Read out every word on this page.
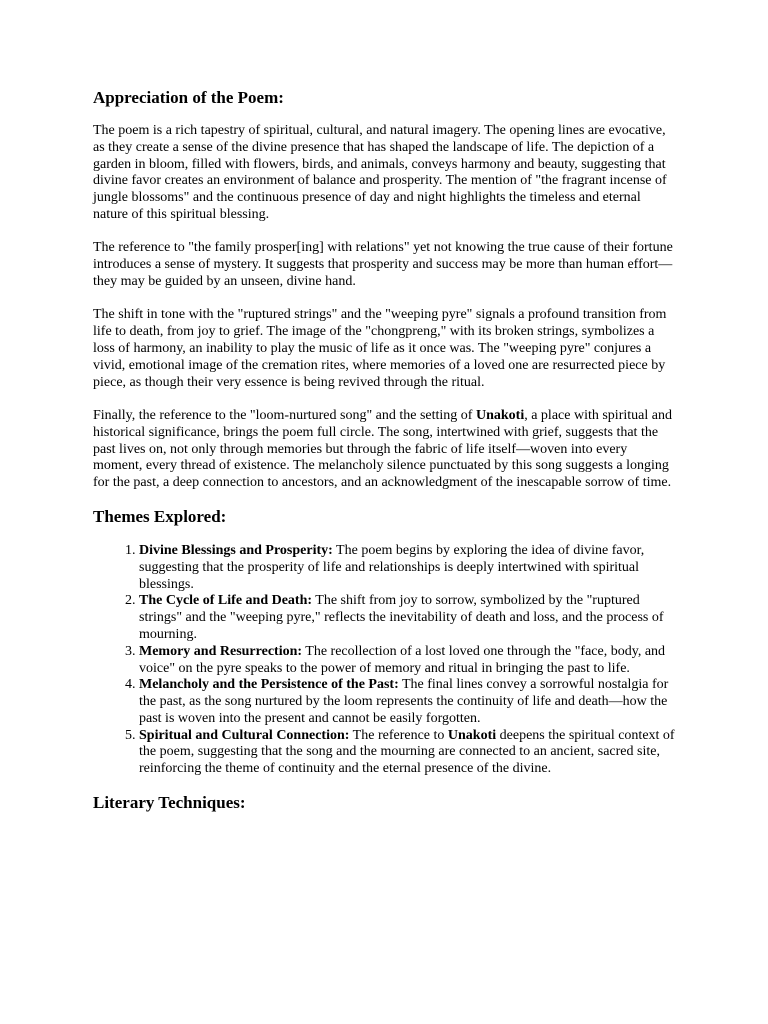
Appreciation of the Poem:

The poem is a rich tapestry of spiritual, cultural, and natural imagery. The opening lines are evocative, as they create a sense of the divine presence that has shaped the landscape of life. The depiction of a garden in bloom, filled with flowers, birds, and animals, conveys harmony and beauty, suggesting that divine favor creates an environment of balance and prosperity. The mention of "the fragrant incense of jungle blossoms" and the continuous presence of day and night highlights the timeless and eternal nature of this spiritual blessing.

The reference to "the family prosper[ing] with relations" yet not knowing the true cause of their fortune introduces a sense of mystery. It suggests that prosperity and success may be more than human effort—they may be guided by an unseen, divine hand.

The shift in tone with the "ruptured strings" and the "weeping pyre" signals a profound transition from life to death, from joy to grief. The image of the "chongpreng," with its broken strings, symbolizes a loss of harmony, an inability to play the music of life as it once was. The "weeping pyre" conjures a vivid, emotional image of the cremation rites, where memories of a loved one are resurrected piece by piece, as though their very essence is being revived through the ritual.

Finally, the reference to the "loom-nurtured song" and the setting of Unakoti, a place with spiritual and historical significance, brings the poem full circle. The song, intertwined with grief, suggests that the past lives on, not only through memories but through the fabric of life itself—woven into every moment, every thread of existence. The melancholy silence punctuated by this song suggests a longing for the past, a deep connection to ancestors, and an acknowledgment of the inescapable sorrow of time.

Themes Explored:
1. Divine Blessings and Prosperity: The poem begins by exploring the idea of divine favor, suggesting that the prosperity of life and relationships is deeply intertwined with spiritual blessings.
2. The Cycle of Life and Death: The shift from joy to sorrow, symbolized by the "ruptured strings" and the "weeping pyre," reflects the inevitability of death and loss, and the process of mourning.
3. Memory and Resurrection: The recollection of a lost loved one through the "face, body, and voice" on the pyre speaks to the power of memory and ritual in bringing the past to life.
4. Melancholy and the Persistence of the Past: The final lines convey a sorrowful nostalgia for the past, as the song nurtured by the loom represents the continuity of life and death—how the past is woven into the present and cannot be easily forgotten.
5. Spiritual and Cultural Connection: The reference to Unakoti deepens the spiritual context of the poem, suggesting that the song and the mourning are connected to an ancient, sacred site, reinforcing the theme of continuity and the eternal presence of the divine.
Literary Techniques:
